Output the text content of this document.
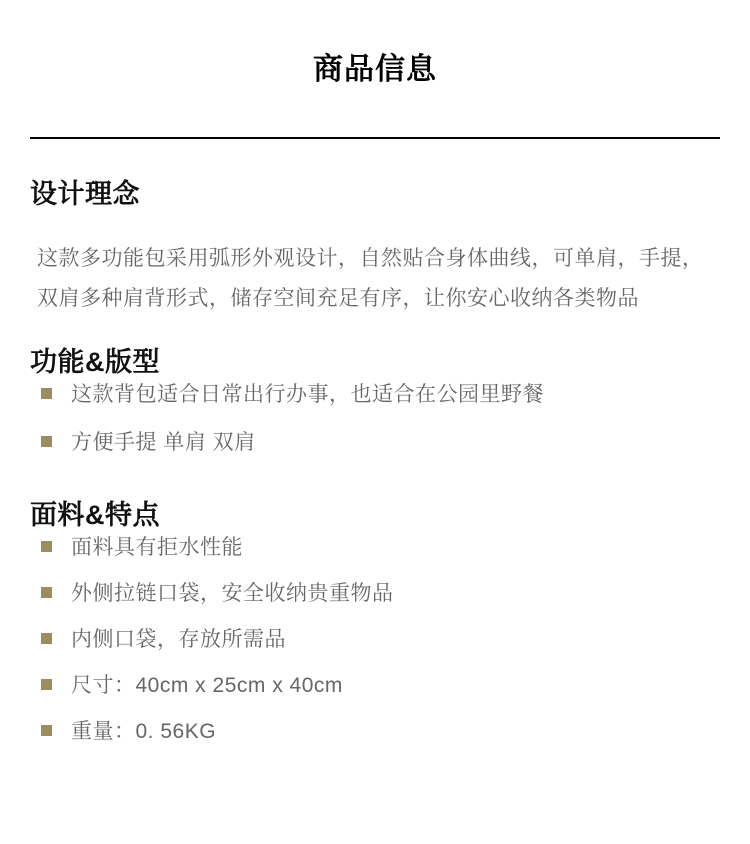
商品信息
设计理念

这款多功能包采用弧形外观设计，自然贴合身体曲线，可单肩，手提，
双肩多种肩背形式，储存空间充足有序，让你安心收纳各类物品

功能&版型
这款背包适合日常出行办事，也适合在公园里野餐
方便手提 单肩 双肩
面料&特点
面料具有拒水性能
外侧拉链口袋，安全收纳贵重物品
内侧口袋，存放所需品
尺寸：40cm x 25cm x 40cm
重量：0. 56KG
